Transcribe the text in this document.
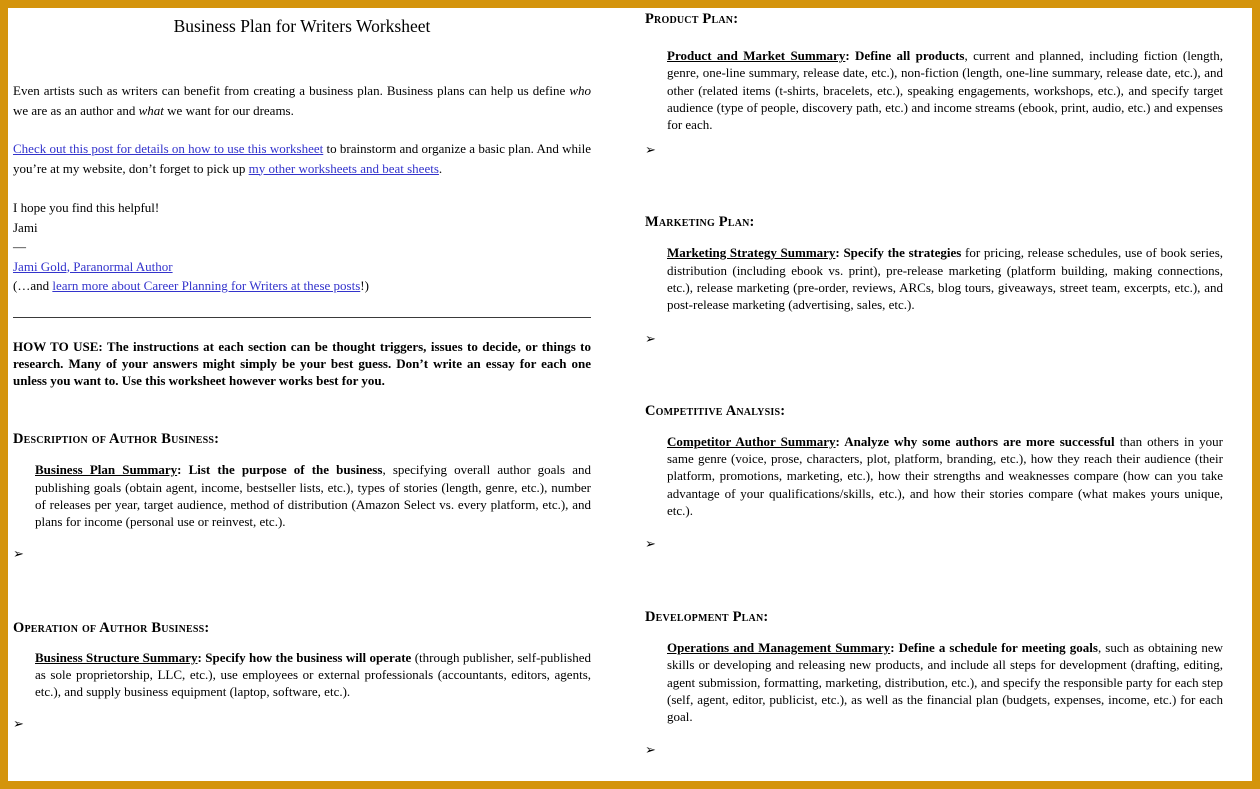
Business Plan for Writers Worksheet

Even artists such as writers can benefit from creating a business plan. Business plans can help us define who we are as an author and what we want for our dreams.

Check out this post for details on how to use this worksheet to brainstorm and organize a basic plan. And while you’re at my website, don’t forget to pick up my other worksheets and beat sheets.

I hope you find this helpful!
Jami
—
Jami Gold, Paranormal Author
(…and learn more about Career Planning for Writers at these posts!)

HOW TO USE: The instructions at each section can be thought triggers, issues to decide, or things to research. Many of your answers might simply be your best guess. Don’t write an essay for each one unless you want to. Use this worksheet however works best for you.

Description of Author Business:

Business Plan Summary: List the purpose of the business, specifying overall author goals and publishing goals (obtain agent, income, bestseller lists, etc.), types of stories (length, genre, etc.), number of releases per year, target audience, method of distribution (Amazon Select vs. every platform, etc.), and plans for income (personal use or reinvest, etc.).

➢
Operation of Author Business:

Business Structure Summary: Specify how the business will operate (through publisher, self-published as sole proprietorship, LLC, etc.), use employees or external professionals (accountants, editors, agents, etc.), and supply business equipment (laptop, software, etc.).

➢
Product Plan:

Product and Market Summary: Define all products, current and planned, including fiction (length, genre, one-line summary, release date, etc.), non-fiction (length, one-line summary, release date, etc.), and other (related items (t-shirts, bracelets, etc.), speaking engagements, workshops, etc.), and specify target audience (type of people, discovery path, etc.) and income streams (ebook, print, audio, etc.) and expenses for each.

➢
Marketing Plan:

Marketing Strategy Summary: Specify the strategies for pricing, release schedules, use of book series, distribution (including ebook vs. print), pre-release marketing (platform building, making connections, etc.), release marketing (pre-order, reviews, ARCs, blog tours, giveaways, street team, excerpts, etc.), and post-release marketing (advertising, sales, etc.).

➢
Competitive Analysis:

Competitor Author Summary: Analyze why some authors are more successful than others in your same genre (voice, prose, characters, plot, platform, branding, etc.), how they reach their audience (their platform, promotions, marketing, etc.), how their strengths and weaknesses compare (how can you take advantage of your qualifications/skills, etc.), and how their stories compare (what makes yours unique, etc.).

➢
Development Plan:

Operations and Management Summary: Define a schedule for meeting goals, such as obtaining new skills or developing and releasing new products, and include all steps for development (drafting, editing, agent submission, formatting, marketing, distribution, etc.), and specify the responsible party for each step (self, agent, editor, publicist, etc.), as well as the financial plan (budgets, expenses, income, etc.) for each goal.

➢
